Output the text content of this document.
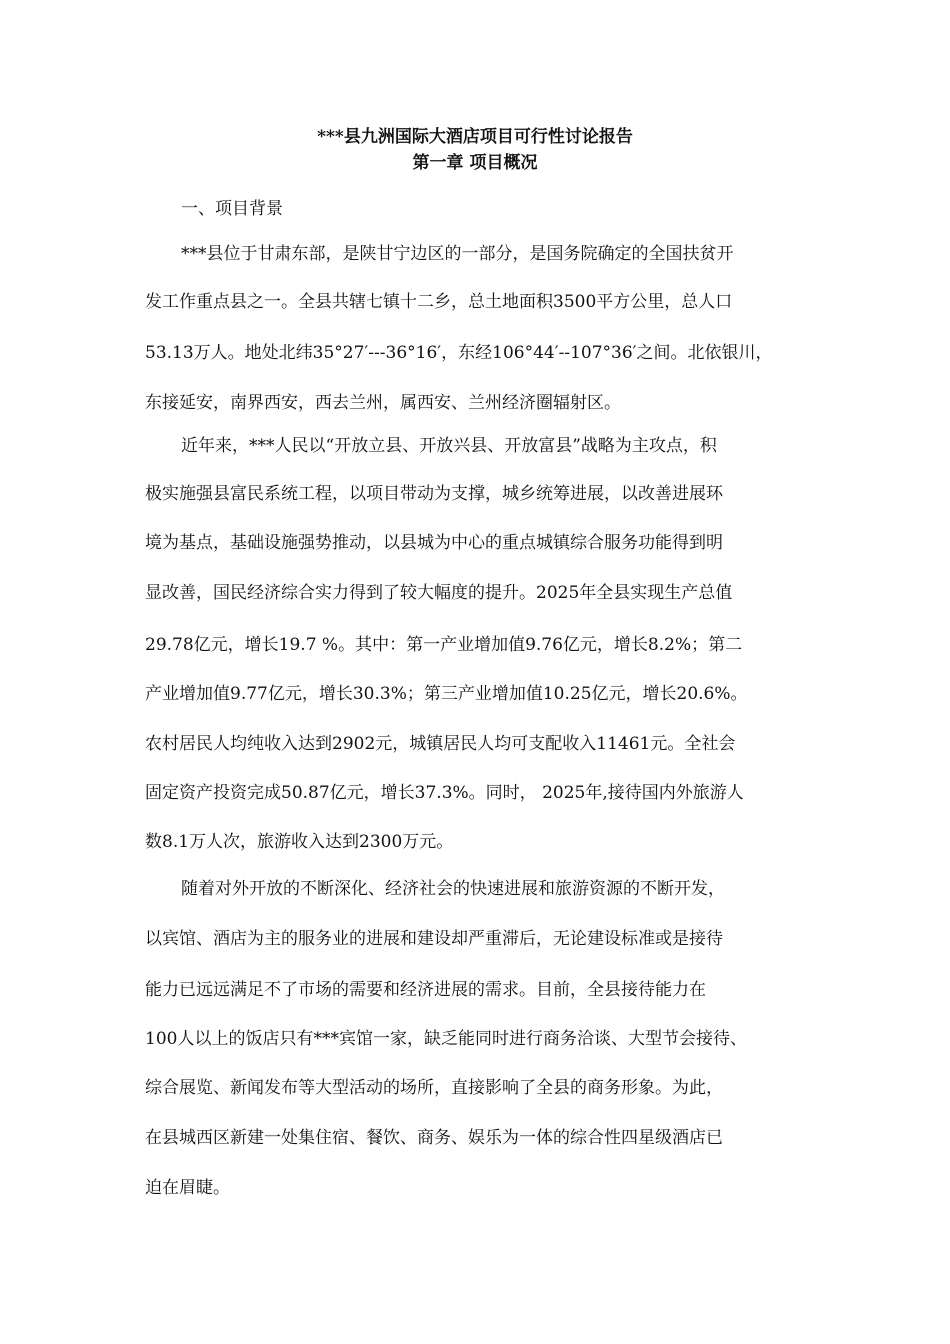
***县九洲国际大酒店项目可行性讨论报告
第一章 项目概况
一、项目背景
***县位于甘肃东部，是陕甘宁边区的一部分，是国务院确定的全国扶贫开
发工作重点县之一。全县共辖七镇十二乡，总土地面积3500平方公里，总人口
53.13万人。地处北纬35°27′---36°16′，东经106°44′--107°36′之间。北依银川，
东接延安，南界西安，西去兰州，属西安、兰州经济圈辐射区。
近年来，***人民以“开放立县、开放兴县、开放富县”战略为主攻点，积
极实施强县富民系统工程，以项目带动为支撑，城乡统筹进展，以改善进展环
境为基点，基础设施强势推动，以县城为中心的重点城镇综合服务功能得到明
显改善，国民经济综合实力得到了较大幅度的提升。2025年全县实现生产总值
29.78亿元，增长19.7 %。其中：第一产业增加值9.76亿元，增长8.2%；第二
产业增加值9.77亿元，增长30.3%；第三产业增加值10.25亿元，增长20.6%。
农村居民人均纯收入达到2902元，城镇居民人均可支配收入11461元。全社会
固定资产投资完成50.87亿元，增长37.3%。同时， 2025年,接待国内外旅游人
数8.1万人次，旅游收入达到2300万元。
随着对外开放的不断深化、经济社会的快速进展和旅游资源的不断开发，
以宾馆、酒店为主的服务业的进展和建设却严重滞后，无论建设标准或是接待
能力已远远满足不了市场的需要和经济进展的需求。目前，全县接待能力在
100人以上的饭店只有***宾馆一家，缺乏能同时进行商务洽谈、大型节会接待、
综合展览、新闻发布等大型活动的场所，直接影响了全县的商务形象。为此，
在县城西区新建一处集住宿、餐饮、商务、娱乐为一体的综合性四星级酒店已
迫在眉睫。
